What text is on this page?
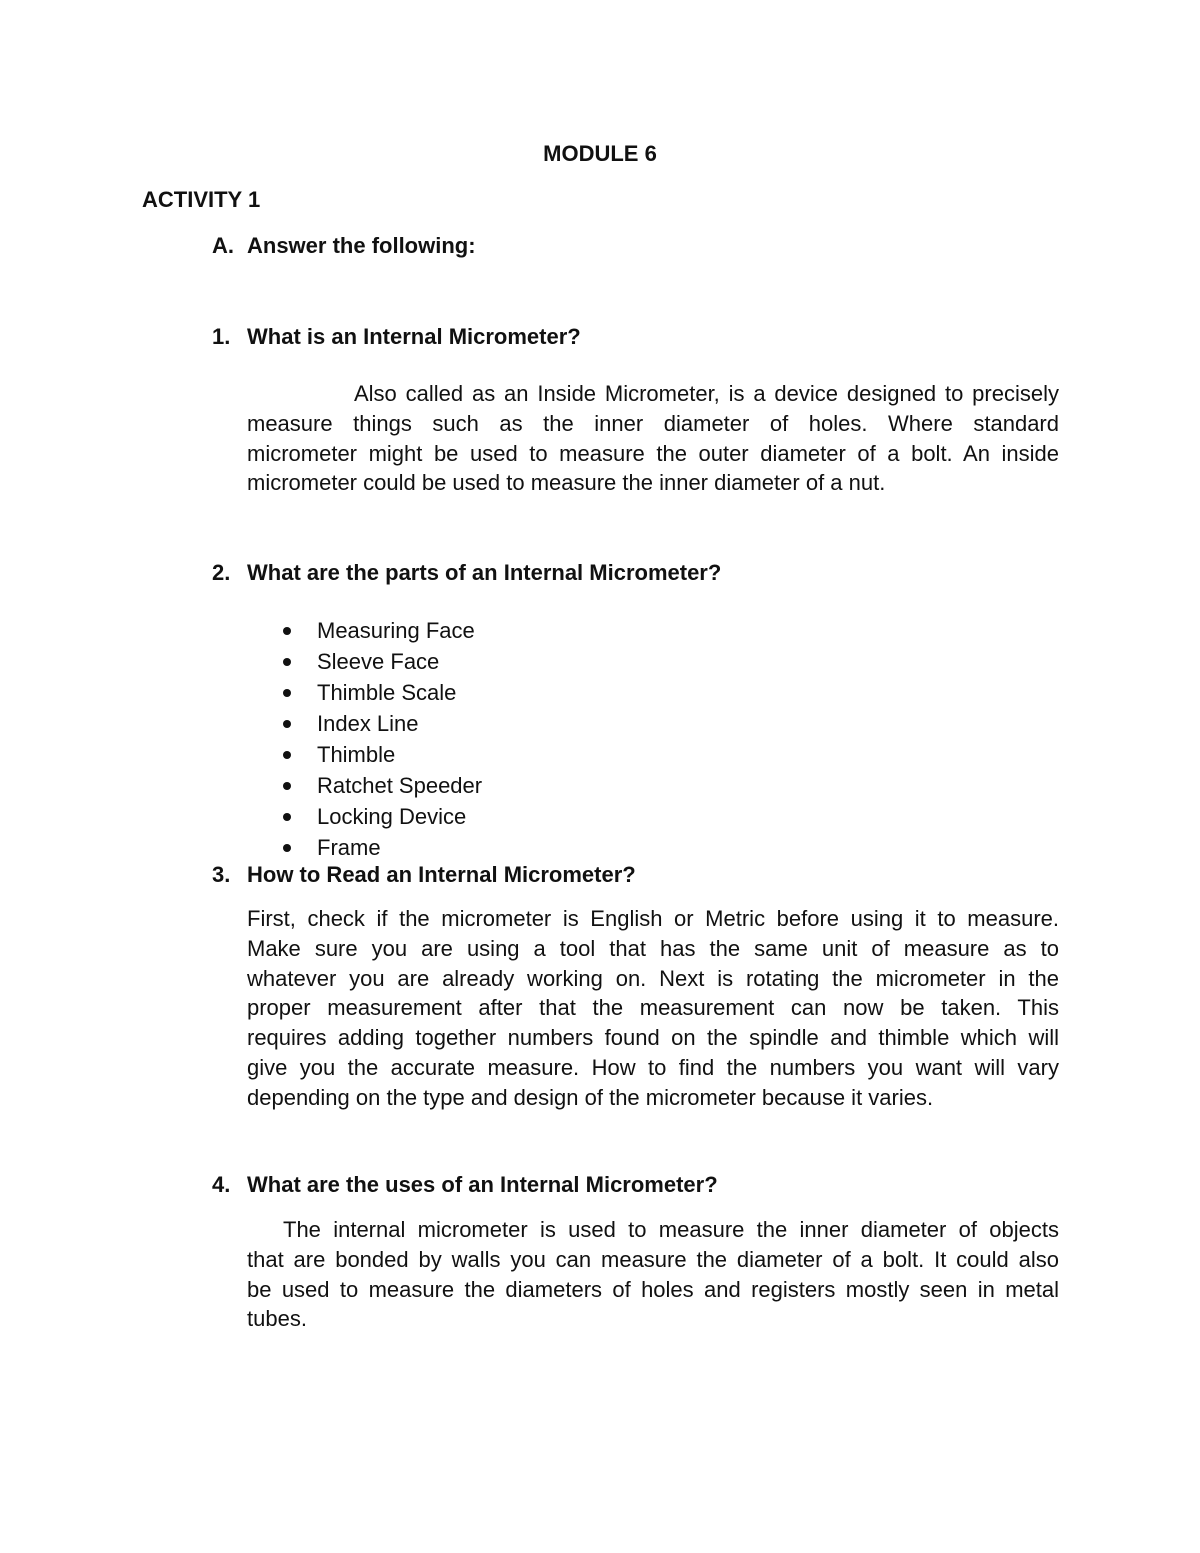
MODULE 6
ACTIVITY 1
A. Answer the following:
1. What is an Internal Micrometer?
Also called as an Inside Micrometer, is a device designed to precisely
measure things such as the inner diameter of holes. Where standard
micrometer might be used to measure the outer diameter of a bolt. An inside
micrometer could be used to measure the inner diameter of a nut.
2. What are the parts of an Internal Micrometer?
Measuring Face
Sleeve Face
Thimble Scale
Index Line
Thimble
Ratchet Speeder
Locking Device
Frame
3. How to Read an Internal Micrometer?
First, check if the micrometer is English or Metric before using it to measure.
Make sure you are using a tool that has the same unit of measure as to
whatever you are already working on. Next is rotating the micrometer in the
proper measurement after that the measurement can now be taken. This
requires adding together numbers found on the spindle and thimble which will
give you the accurate measure. How to find the numbers you want will vary
depending on the type and design of the micrometer because it varies.
4. What are the uses of an Internal Micrometer?
The internal micrometer is used to measure the inner diameter of objects
that are bonded by walls you can measure the diameter of a bolt. It could also
be used to measure the diameters of holes and registers mostly seen in metal
tubes.
